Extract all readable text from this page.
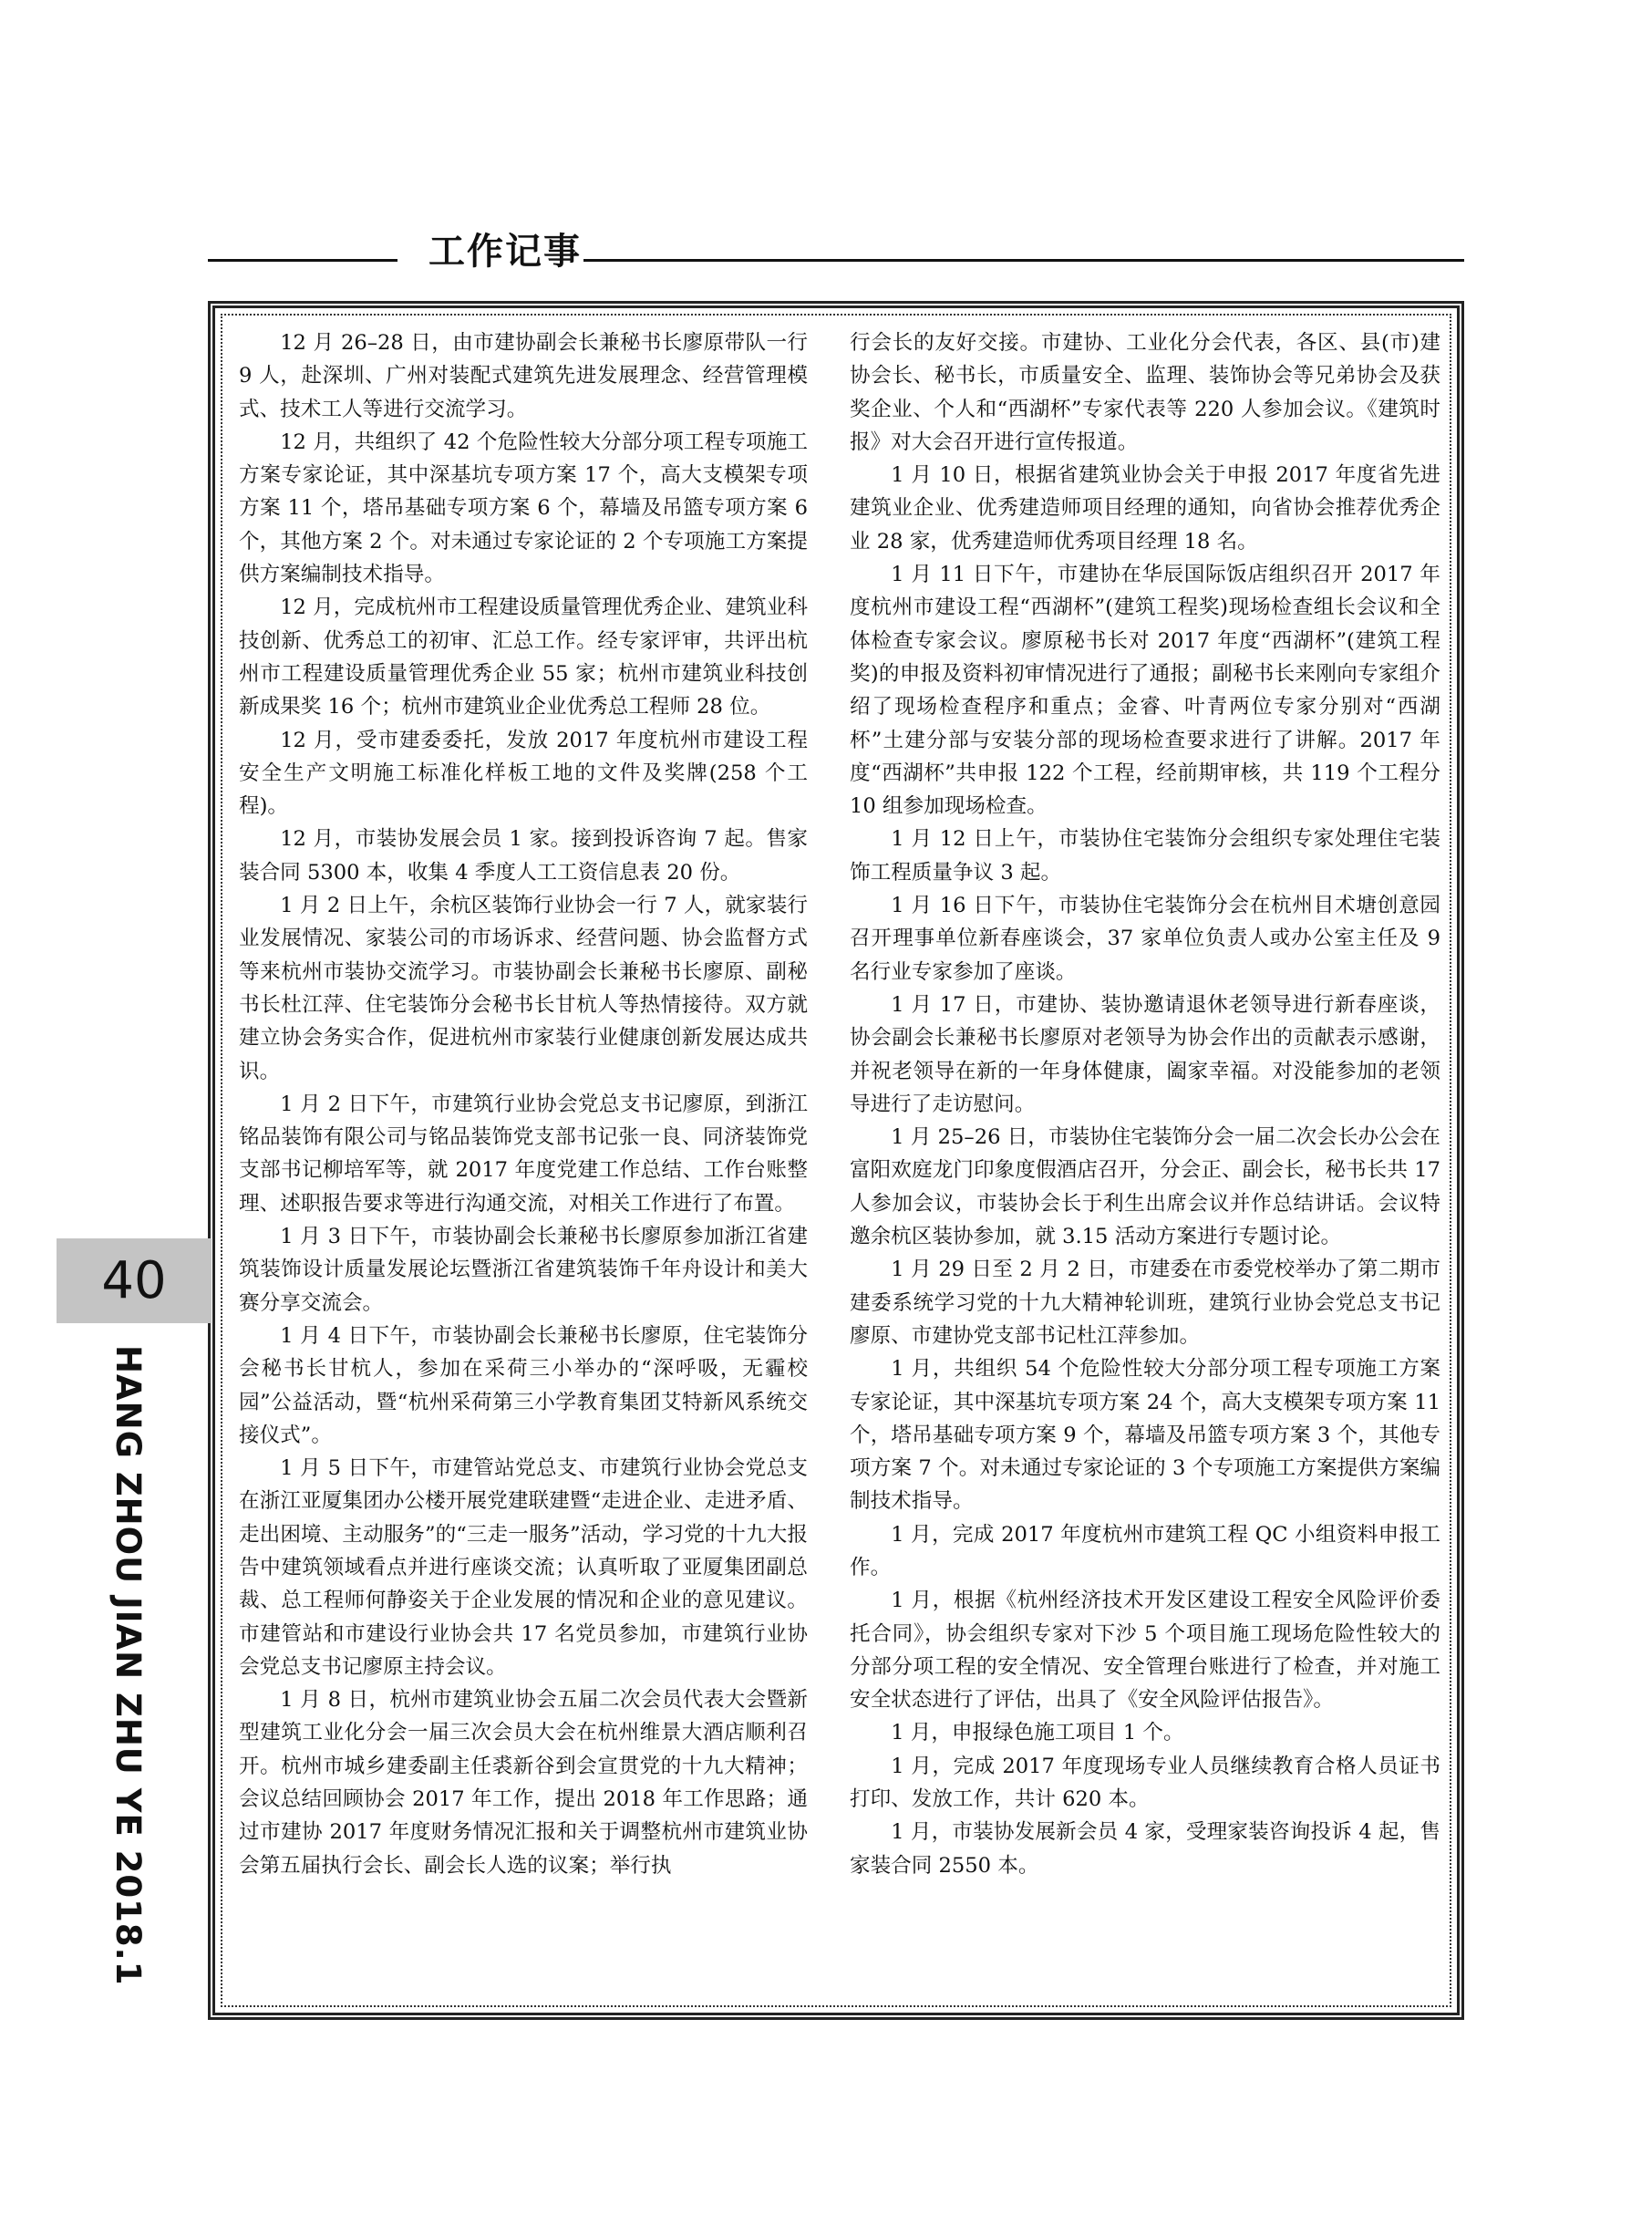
工作记事

12 月 26–28 日，由市建协副会长兼秘书长廖原带队一行 9 人，赴深圳、广州对装配式建筑先进发展理念、经营管理模式、技术工人等进行交流学习。

12 月，共组织了 42 个危险性较大分部分项工程专项施工方案专家论证，其中深基坑专项方案 17 个，高大支模架专项方案 11 个，塔吊基础专项方案 6 个，幕墙及吊篮专项方案 6 个，其他方案 2 个。对未通过专家论证的 2 个专项施工方案提供方案编制技术指导。

12 月，完成杭州市工程建设质量管理优秀企业、建筑业科技创新、优秀总工的初审、汇总工作。经专家评审，共评出杭州市工程建设质量管理优秀企业 55 家；杭州市建筑业科技创新成果奖 16 个；杭州市建筑业企业优秀总工程师 28 位。

12 月，受市建委委托，发放 2017 年度杭州市建设工程安全生产文明施工标准化样板工地的文件及奖牌(258 个工程)。

12 月，市装协发展会员 1 家。接到投诉咨询 7 起。售家装合同 5300 本，收集 4 季度人工工资信息表 20 份。

1 月 2 日上午，余杭区装饰行业协会一行 7 人，就家装行业发展情况、家装公司的市场诉求、经营问题、协会监督方式等来杭州市装协交流学习。市装协副会长兼秘书长廖原、副秘书长杜江萍、住宅装饰分会秘书长甘杭人等热情接待。双方就建立协会务实合作，促进杭州市家装行业健康创新发展达成共识。

1 月 2 日下午，市建筑行业协会党总支书记廖原，到浙江铭品装饰有限公司与铭品装饰党支部书记张一良、同济装饰党支部书记柳培军等，就 2017 年度党建工作总结、工作台账整理、述职报告要求等进行沟通交流，对相关工作进行了布置。

1 月 3 日下午，市装协副会长兼秘书长廖原参加浙江省建筑装饰设计质量发展论坛暨浙江省建筑装饰千年舟设计和美大赛分享交流会。

1 月 4 日下午，市装协副会长兼秘书长廖原，住宅装饰分会秘书长甘杭人，参加在采荷三小举办的“深呼吸，无霾校园”公益活动，暨“杭州采荷第三小学教育集团艾特新风系统交接仪式”。

1 月 5 日下午，市建管站党总支、市建筑行业协会党总支在浙江亚厦集团办公楼开展党建联建暨“走进企业、走进矛盾、走出困境、主动服务”的“三走一服务”活动，学习党的十九大报告中建筑领域看点并进行座谈交流；认真听取了亚厦集团副总裁、总工程师何静姿关于企业发展的情况和企业的意见建议。市建管站和市建设行业协会共 17 名党员参加，市建筑行业协会党总支书记廖原主持会议。

1 月 8 日，杭州市建筑业协会五届二次会员代表大会暨新型建筑工业化分会一届三次会员大会在杭州维景大酒店顺利召开。杭州市城乡建委副主任裘新谷到会宣贯党的十九大精神；会议总结回顾协会 2017 年工作，提出 2018 年工作思路；通过市建协 2017 年度财务情况汇报和关于调整杭州市建筑业协会第五届执行会长、副会长人选的议案；举行执

行会长的友好交接。市建协、工业化分会代表，各区、县(市)建协会长、秘书长，市质量安全、监理、装饰协会等兄弟协会及获奖企业、个人和“西湖杯”专家代表等 220 人参加会议。《建筑时报》对大会召开进行宣传报道。

1 月 10 日，根据省建筑业协会关于申报 2017 年度省先进建筑业企业、优秀建造师项目经理的通知，向省协会推荐优秀企业 28 家，优秀建造师优秀项目经理 18 名。

1 月 11 日下午，市建协在华辰国际饭店组织召开 2017 年度杭州市建设工程“西湖杯”(建筑工程奖)现场检查组长会议和全体检查专家会议。廖原秘书长对 2017 年度“西湖杯”(建筑工程奖)的申报及资料初审情况进行了通报；副秘书长来刚向专家组介绍了现场检查程序和重点；金睿、叶青两位专家分别对“西湖杯”土建分部与安装分部的现场检查要求进行了讲解。2017 年度“西湖杯”共申报 122 个工程，经前期审核，共 119 个工程分 10 组参加现场检查。

1 月 12 日上午，市装协住宅装饰分会组织专家处理住宅装饰工程质量争议 3 起。

1 月 16 日下午，市装协住宅装饰分会在杭州目术塘创意园召开理事单位新春座谈会，37 家单位负责人或办公室主任及 9 名行业专家参加了座谈。

1 月 17 日，市建协、装协邀请退休老领导进行新春座谈，协会副会长兼秘书长廖原对老领导为协会作出的贡献表示感谢，并祝老领导在新的一年身体健康，阖家幸福。对没能参加的老领导进行了走访慰问。

1 月 25–26 日，市装协住宅装饰分会一届二次会长办公会在富阳欢庭龙门印象度假酒店召开，分会正、副会长，秘书长共 17 人参加会议，市装协会长于利生出席会议并作总结讲话。会议特邀余杭区装协参加，就 3.15 活动方案进行专题讨论。

1 月 29 日至 2 月 2 日，市建委在市委党校举办了第二期市建委系统学习党的十九大精神轮训班，建筑行业协会党总支书记廖原、市建协党支部书记杜江萍参加。

1 月，共组织 54 个危险性较大分部分项工程专项施工方案专家论证，其中深基坑专项方案 24 个，高大支模架专项方案 11 个，塔吊基础专项方案 9 个，幕墙及吊篮专项方案 3 个，其他专项方案 7 个。对未通过专家论证的 3 个专项施工方案提供方案编制技术指导。

1 月，完成 2017 年度杭州市建筑工程 QC 小组资料申报工作。

1 月，根据《杭州经济技术开发区建设工程安全风险评价委托合同》，协会组织专家对下沙 5 个项目施工现场危险性较大的分部分项工程的安全情况、安全管理台账进行了检查，并对施工安全状态进行了评估，出具了《安全风险评估报告》。

1 月，申报绿色施工项目 1 个。

1 月，完成 2017 年度现场专业人员继续教育合格人员证书打印、发放工作，共计 620 本。

1 月，市装协发展新会员 4 家，受理家装咨询投诉 4 起，售家装合同 2550 本。

40
HANG ZHOU JIAN ZHU YE 2018.1
